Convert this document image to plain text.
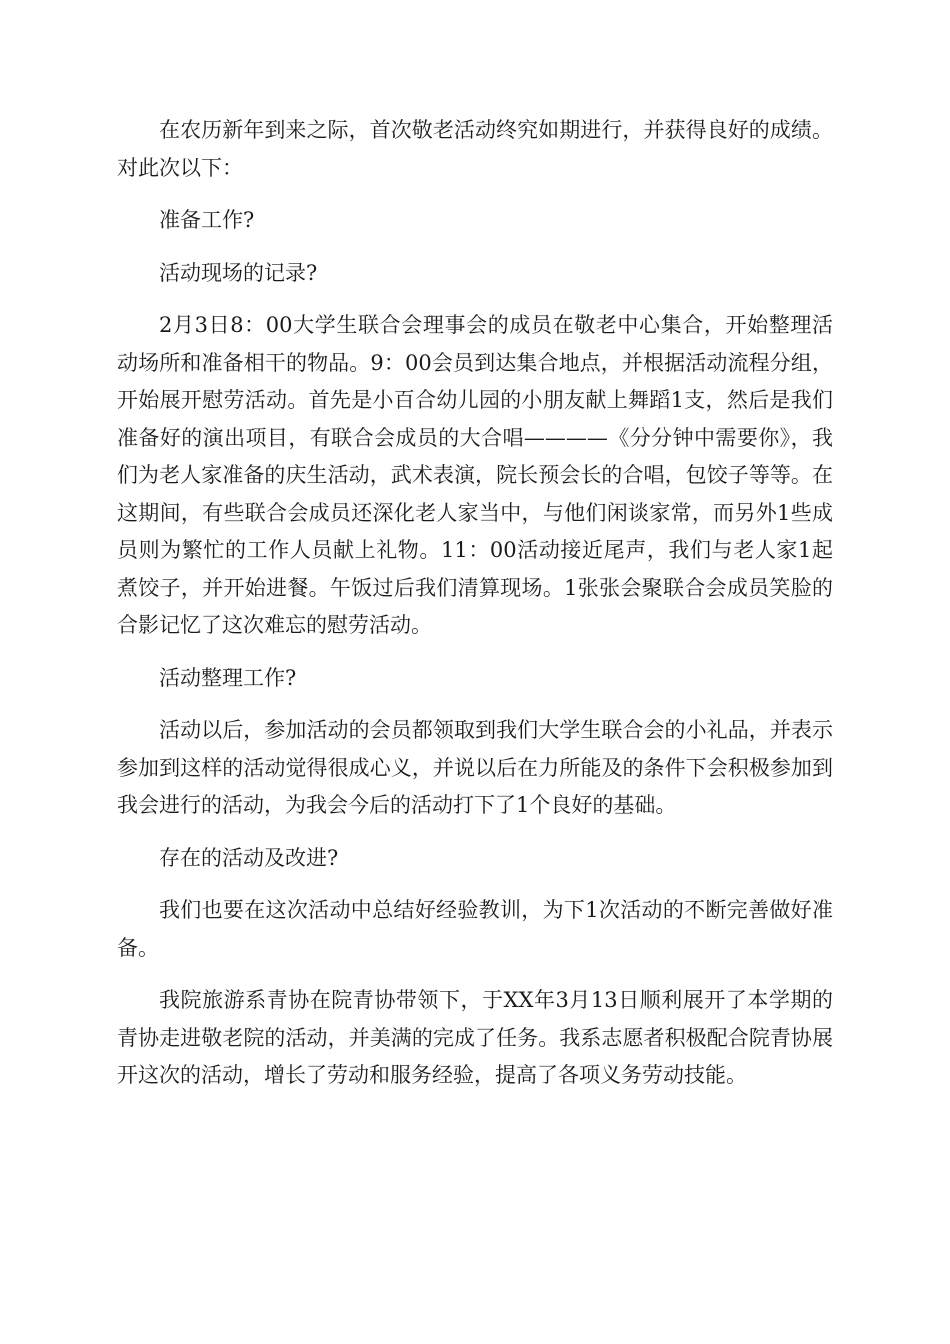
在农历新年到来之际，首次敬老活动终究如期进行，并获得良好的成绩。对此次以下：

准备工作?

活动现场的记录?

2月3日8：00大学生联合会理事会的成员在敬老中心集合，开始整理活动场所和准备相干的物品。9：00会员到达集合地点，并根据活动流程分组，开始展开慰劳活动。首先是小百合幼儿园的小朋友献上舞蹈1支，然后是我们准备好的演出项目，有联合会成员的大合唱————《分分钟中需要你》，我们为老人家准备的庆生活动，武术表演，院长预会长的合唱，包饺子等等。在这期间，有些联合会成员还深化老人家当中，与他们闲谈家常，而另外1些成员则为繁忙的工作人员献上礼物。11：00活动接近尾声，我们与老人家1起煮饺子，并开始进餐。午饭过后我们清算现场。1张张会聚联合会成员笑脸的合影记忆了这次难忘的慰劳活动。

活动整理工作?

活动以后，参加活动的会员都领取到我们大学生联合会的小礼品，并表示参加到这样的活动觉得很成心义，并说以后在力所能及的条件下会积极参加到我会进行的活动，为我会今后的活动打下了1个良好的基础。

存在的活动及改进?

我们也要在这次活动中总结好经验教训，为下1次活动的不断完善做好准备。

我院旅游系青协在院青协带领下，于XX年3月13日顺利展开了本学期的青协走进敬老院的活动，并美满的完成了任务。我系志愿者积极配合院青协展开这次的活动，增长了劳动和服务经验，提高了各项义务劳动技能。
